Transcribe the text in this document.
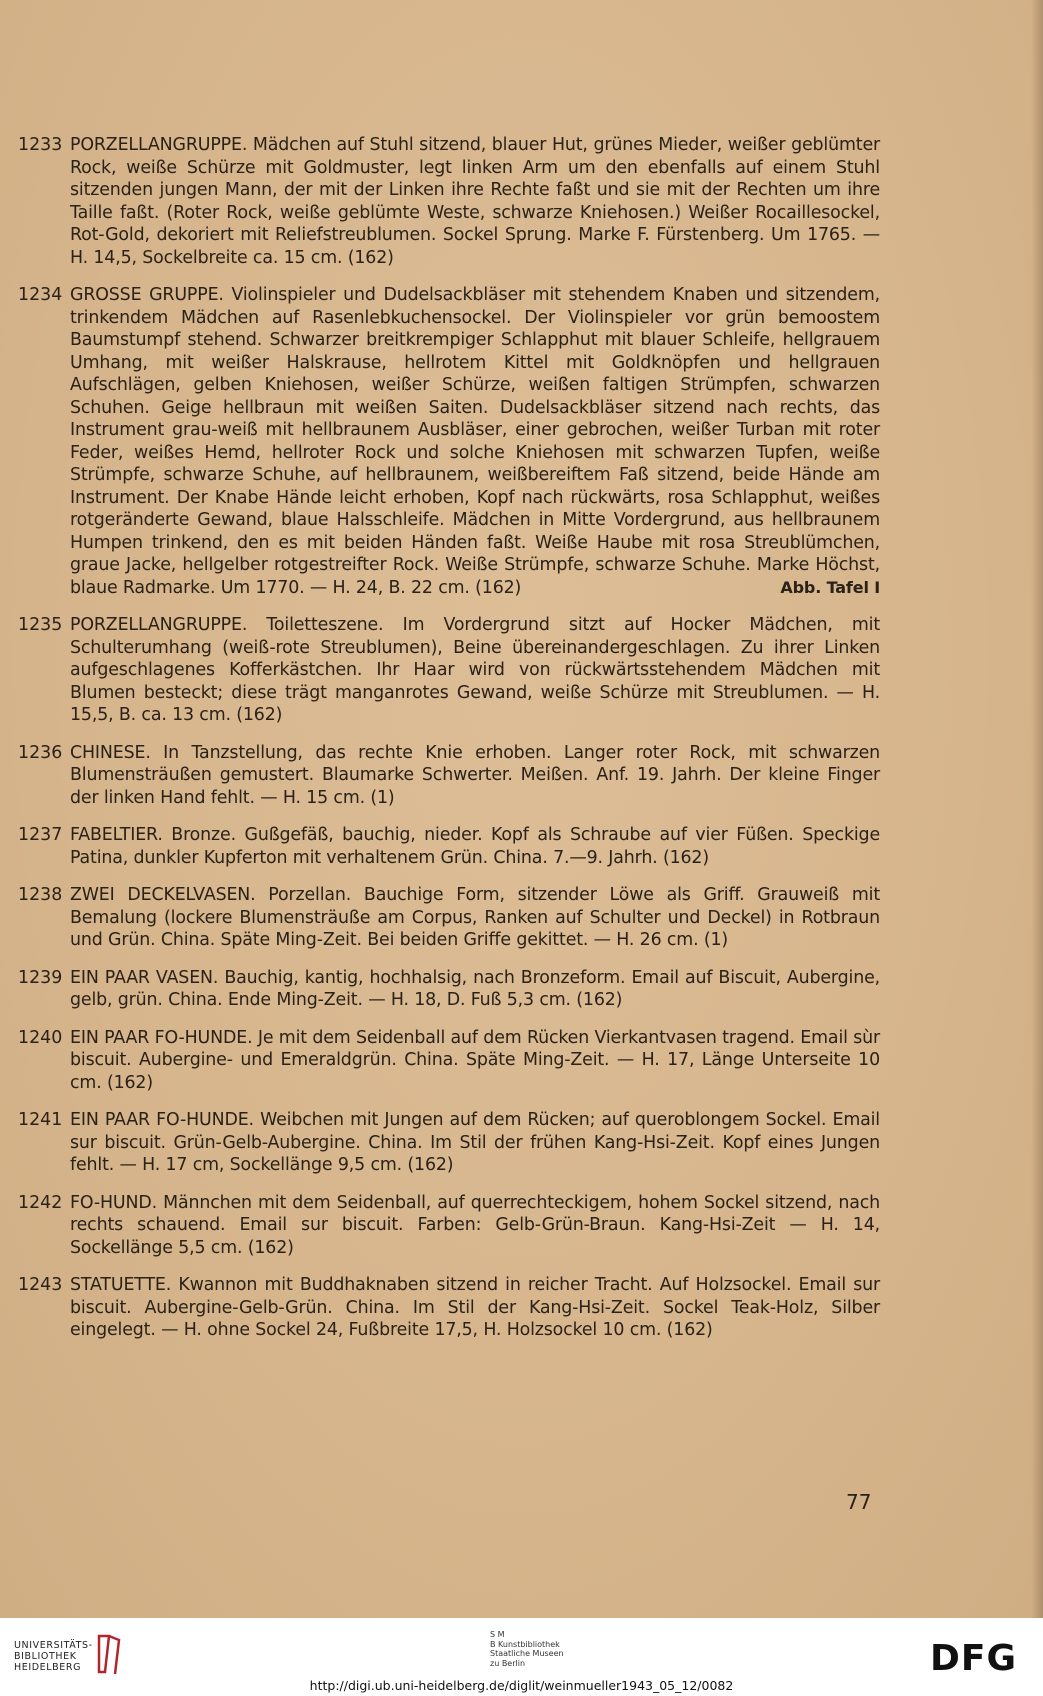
1233 PORZELLANGRUPPE. Mädchen auf Stuhl sitzend, blauer Hut, grünes Mieder, weißer geblümter Rock, weiße Schürze mit Goldmuster, legt linken Arm um den ebenfalls auf einem Stuhl sitzenden jungen Mann, der mit der Linken ihre Rechte faßt und sie mit der Rechten um ihre Taille faßt. (Roter Rock, weiße geblümte Weste, schwarze Kniehosen.) Weißer Rocaillesockel, Rot-Gold, dekoriert mit Reliefstreublumen. Sockel Sprung. Marke F. Fürstenberg. Um 1765. — H. 14,5, Sockelbreite ca. 15 cm. (162)
1234 GROSSE GRUPPE. Violinspieler und Dudelsackbläser mit stehendem Knaben und sitzendem, trinkendem Mädchen auf Rasenlebkuchensockel. Der Violinspieler vor grün bemoostem Baumstumpf stehend. Schwarzer breitkrempiger Schlapphut mit blauer Schleife, hellgrauem Umhang, mit weißer Halskrause, hellrotem Kittel mit Goldknöpfen und hellgrauen Aufschlägen, gelben Kniehosen, weißer Schürze, weißen faltigen Strümpfen, schwarzen Schuhen. Geige hellbraun mit weißen Saiten. Dudelsackbläser sitzend nach rechts, das Instrument grau-weiß mit hellbraunem Ausbläser, einer gebrochen, weißer Turban mit roter Feder, weißes Hemd, hellroter Rock und solche Kniehosen mit schwarzen Tupfen, weiße Strümpfe, schwarze Schuhe, auf hellbraunem, weißbereiftem Faß sitzend, beide Hände am Instrument. Der Knabe Hände leicht erhoben, Kopf nach rückwärts, rosa Schlapphut, weißes rotgeränderte Gewand, blaue Halsschleife. Mädchen in Mitte Vordergrund, aus hellbraunem Humpen trinkend, den es mit beiden Händen faßt. Weiße Haube mit rosa Streublümchen, graue Jacke, hellgelber rotgestreifter Rock. Weiße Strümpfe, schwarze Schuhe. Marke Höchst, blaue Radmarke. Um 1770. — H. 24, B. 22 cm. (162)	Abb. Tafel I
1235 PORZELLANGRUPPE. Toiletteszene. Im Vordergrund sitzt auf Hocker Mädchen, mit Schulterumhang (weiß-rote Streublumen), Beine übereinandergeschlagen. Zu ihrer Linken aufgeschlagenes Kofferkästchen. Ihr Haar wird von rückwärtsstehendem Mädchen mit Blumen besteckt; diese trägt manganrotes Gewand, weiße Schürze mit Streublumen. — H. 15,5, B. ca. 13 cm. (162)
1236 CHINESE. In Tanzstellung, das rechte Knie erhoben. Langer roter Rock, mit schwarzen Blumensträußen gemustert. Blaumarke Schwerter. Meißen. Anf. 19. Jahrh. Der kleine Finger der linken Hand fehlt. — H. 15 cm. (1)
1237 FABELTIER. Bronze. Gußgefäß, bauchig, nieder. Kopf als Schraube auf vier Füßen. Speckige Patina, dunkler Kupferton mit verhaltenem Grün. China. 7.—9. Jahrh. (162)
1238 ZWEI DECKELVASEN. Porzellan. Bauchige Form, sitzender Löwe als Griff. Grauweiß mit Bemalung (lockere Blumensträuße am Corpus, Ranken auf Schulter und Deckel) in Rotbraun und Grün. China. Späte Ming-Zeit. Bei beiden Griffe gekittet. — H. 26 cm. (1)
1239 EIN PAAR VASEN. Bauchig, kantig, hochhalsig, nach Bronzeform. Email auf Biscuit, Aubergine, gelb, grün. China. Ende Ming-Zeit. — H. 18, D. Fuß 5,3 cm. (162)
1240 EIN PAAR FO-HUNDE. Je mit dem Seidenball auf dem Rücken Vierkantvasen tragend. Email sùr biscuit. Aubergine- und Emeraldgrün. China. Späte Ming-Zeit. — H. 17, Länge Unterseite 10 cm. (162)
1241 EIN PAAR FO-HUNDE. Weibchen mit Jungen auf dem Rücken; auf queroblongem Sockel. Email sur biscuit. Grün-Gelb-Aubergine. China. Im Stil der frühen Kang-Hsi-Zeit. Kopf eines Jungen fehlt. — H. 17 cm, Sockellänge 9,5 cm. (162)
1242 FO-HUND. Männchen mit dem Seidenball, auf querrechteckigem, hohem Sockel sitzend, nach rechts schauend. Email sur biscuit. Farben: Gelb-Grün-Braun. Kang-Hsi-Zeit — H. 14, Sockellänge 5,5 cm. (162)
1243 STATUETTE. Kwannon mit Buddhaknaben sitzend in reicher Tracht. Auf Holzsockel. Email sur biscuit. Aubergine-Gelb-Grün. China. Im Stil der Kang-Hsi-Zeit. Sockel Teak-Holz, Silber eingelegt. — H. ohne Sockel 24, Fußbreite 17,5, H. Holzsockel 10 cm. (162)
77
UNIVERSITÄTS-
BIBLIOTHEK
HEIDELBERG
S M
B Kunstbibliothek
Staatliche Museen
zu Berlin	DFG
http://digi.ub.uni-heidelberg.de/diglit/weinmueller1943_05_12/0082
